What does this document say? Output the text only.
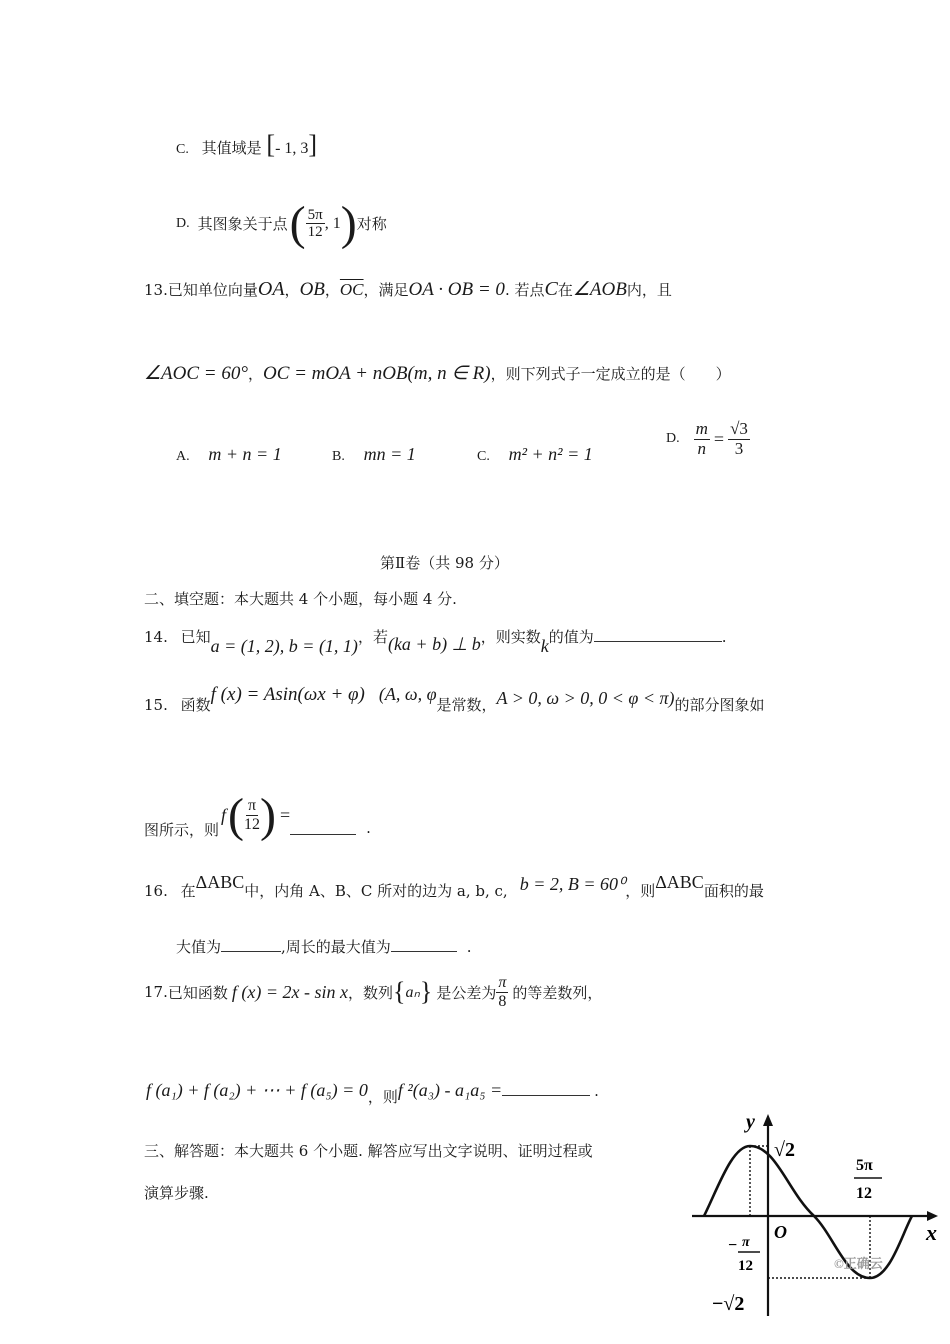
C. 其值域是 [- 1, 3]
D. 其图象关于点 ( $\frac{5\pi}{12}$ , 1 ) 对称
13.已知单位向量OA，OB，$\overline{OC}$，满足OA · OB = 0. 若点C在∠AOB内，且
∠AOC = 60°，OC = mOA + nOB(m, n ∈ R)，则下列式子一定成立的是（　　）
A. m + n = 1	B. mn = 1	C. m² + n² = 1
D. $\frac{m}{n} = \frac{√3}{3}$
第Ⅱ卷（共 98 分）
二、填空题：本大题共 4 个小题，每小题 4 分.
14. 已知a = (1, 2), b = (1, 1)，若(ka + b) ⊥ b，则实数k的值为	.
15. 函数f (x) = Asin(ωx + φ) (A, ω, φ是常数，A > 0, ω > 0, 0 < φ < π)的部分图象如
图所示，则
f ( $\frac{\pi}{12}$ ) =
.
16. 在ΔABC中，内角 A、B、C 所对的边为 a, b, c, b = 2, B = 60⁰，则ΔABC面积的最
大值为	,周长的最大值为	.
17. 已知函数 f (x) = 2x - sin x ，数列 { aₙ } 是公差为 $\frac{\pi}{8}$ 的等差数列，
f (a₁) + f (a₂) + ⋯ + f (a₅) = 0，则f ²(a₃) - a₁a₅ =	.
三、解答题：本大题共 6 个小题. 解答应写出文字说明、证明过程或
演算步骤.
y
x
O
√2
−√2
− π
12
5π
12
©正确云
